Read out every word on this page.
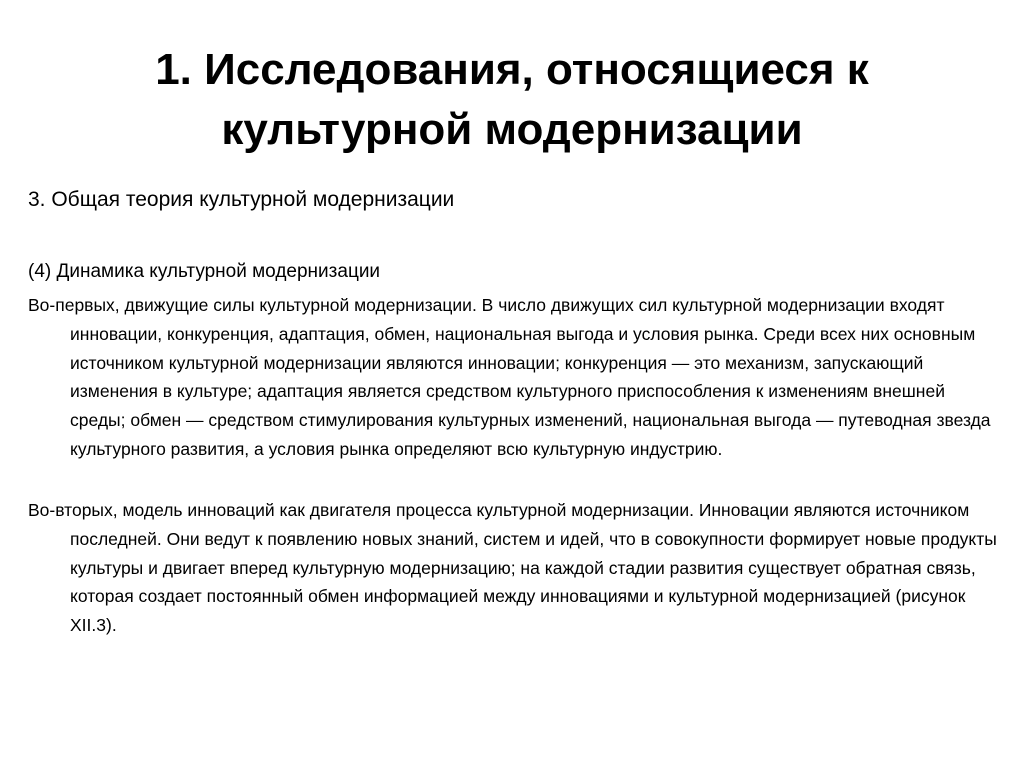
1. Исследования, относящиеся к культурной модернизации

3. Общая теория культурной модернизации

(4) Динамика культурной модернизации

Во-первых, движущие силы культурной модернизации. В число движущих сил культурной модернизации входят инновации, конкуренция, адаптация, обмен, национальная выгода и условия рынка. Среди всех них основным источником культурной модернизации являются инновации; конкуренция — это механизм, запускающий изменения в культуре; адаптация является средством культурного приспособления к изменениям внешней среды; обмен — средством стимулирования культурных изменений, национальная выгода — путеводная звезда культурного развития, а условия рынка определяют всю культурную индустрию.

Во-вторых, модель инноваций как двигателя процесса культурной модернизации. Инновации являются источником последней. Они ведут к появлению новых знаний, систем и идей, что в совокупности формирует новые продукты культуры и двигает вперед культурную модернизацию; на каждой стадии развития существует обратная связь, которая создает постоянный обмен информацией между инновациями и культурной модернизацией (рисунок XII.3).
